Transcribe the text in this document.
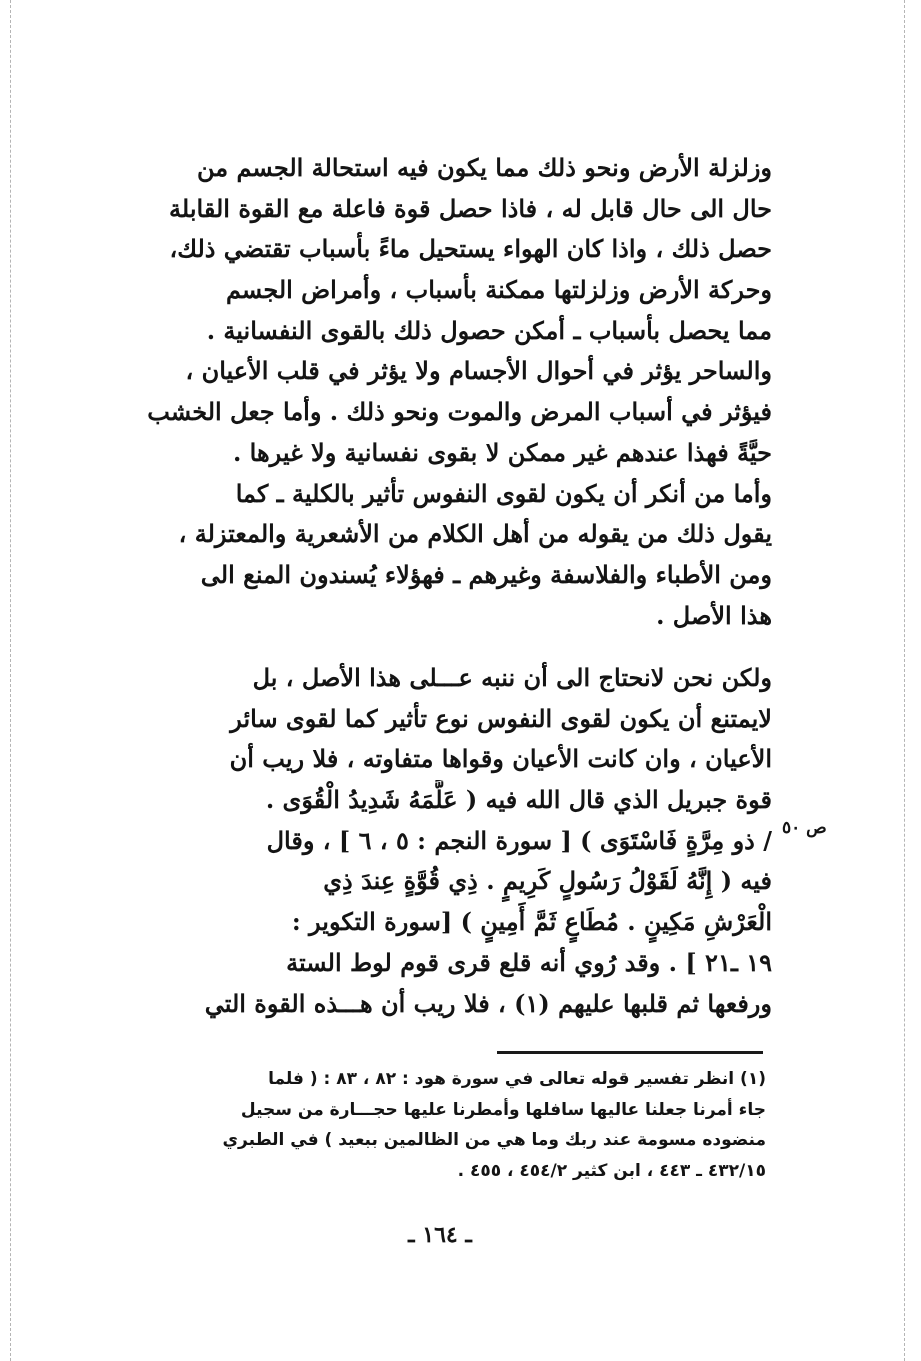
وزلزلة الأرض ونحو ذلك مما يكون فيه استحالة الجسم من
حال الى حال قابل له ، فاذا حصل قوة فاعلة مع القوة القابلة
حصل ذلك ، واذا كان الهواء يستحيل ماءً بأسباب تقتضي ذلك،
وحركة الأرض وزلزلتها ممكنة بأسباب ، وأمراض الجسم
مما يحصل بأسباب ـ أمكن حصول ذلك بالقوى النفسانية .
والساحر يؤثر في أحوال الأجسام ولا يؤثر في قلب الأعيان ،
فيؤثر في أسباب المرض والموت ونحو ذلك . وأما جعل الخشب
حيَّةً فهذا عندهم غير ممكن لا بقوى نفسانية ولا غيرها .
وأما من أنكر أن يكون لقوى النفوس تأثير بالكلية ـ كما
يقول ذلك من يقوله من أهل الكلام من الأشعرية والمعتزلة ،
ومن الأطباء والفلاسفة وغيرهم ـ فهؤلاء يُسندون المنع الى
هذا الأصل .
ولكن نحن لانحتاج الى أن ننبه عـــلى هذا الأصل ، بل
لايمتنع أن يكون لقوى النفوس نوع تأثير كما لقوى سائر
الأعيان ، وان كانت الأعيان وقواها متفاوته ، فلا ريب أن
قوة جبريل الذي قال الله فيه ( عَلَّمَهُ شَدِيدُ الْقُوَى .
/ ذو مِرَّةٍ فَاسْتَوَى ) [ سورة النجم : ٥ ، ٦ ] ، وقال
فيه ( إِنَّهُ لَقَوْلُ رَسُولٍ كَرِيمٍ . ذِي قُوَّةٍ عِندَ ذِي
الْعَرْشِ مَكِينٍ . مُطَاعٍ ثَمَّ أَمِينٍ ) [سورة التكوير :
١٩ ـ٢١ ] . وقد رُوي أنه قلع قرى قوم لوط الستة
ورفعها ثم قلبها عليهم (١) ، فلا ريب أن هـــذه القوة التي
ص ٥٠
(١) انظر تفسير قوله تعالى في سورة هود : ٨٢ ، ٨٣ : ( فلما
جاء أمرنا جعلنا عاليها سافلها وأمطرنا عليها حجـــارة من سجيل
منضوده مسومة عند ربك وما هي من الظالمين ببعيد ) في الطبري
٤٣٢/١٥ ـ ٤٤٣ ، ابن كثير ٤٥٤/٢ ، ٤٥٥ .
ـ ١٦٤ ـ
